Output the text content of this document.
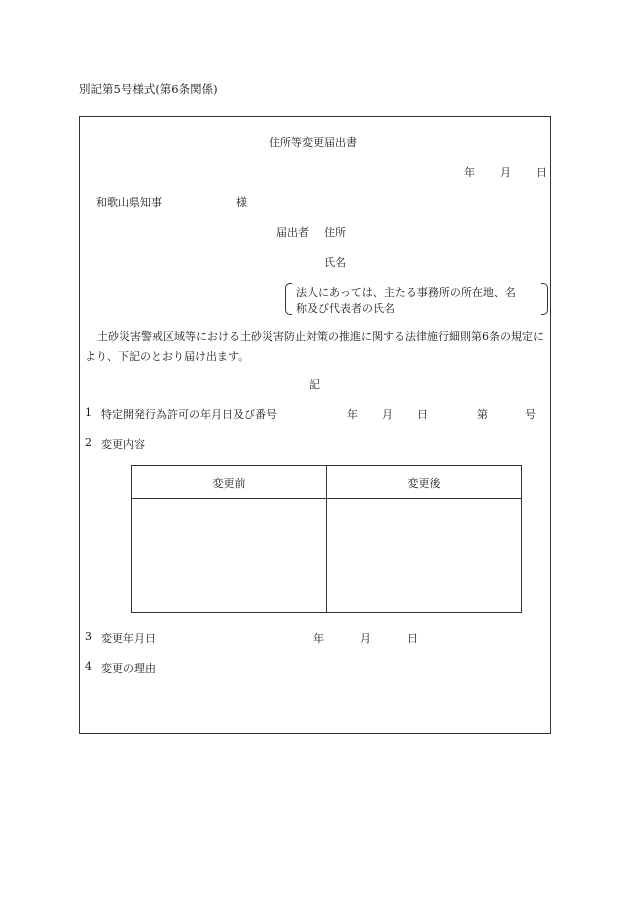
別記第5号様式(第6条関係)
住所等変更届出書
年 月 日
和歌山県知事	様
届出者 住所
氏名
法人にあっては、主たる事務所の所在地、名
称及び代表者の氏名
土砂災害警戒区域等における土砂災害防止対策の推進に関する法律施行細則第6条の規定により、下記のとおり届け出ます。
記
1 特定開発行為許可の年月日及び番号	年 月 日	第	号
2 変更内容
変更前	変更後
3 変更年月日	年	月	日
4 変更の理由
